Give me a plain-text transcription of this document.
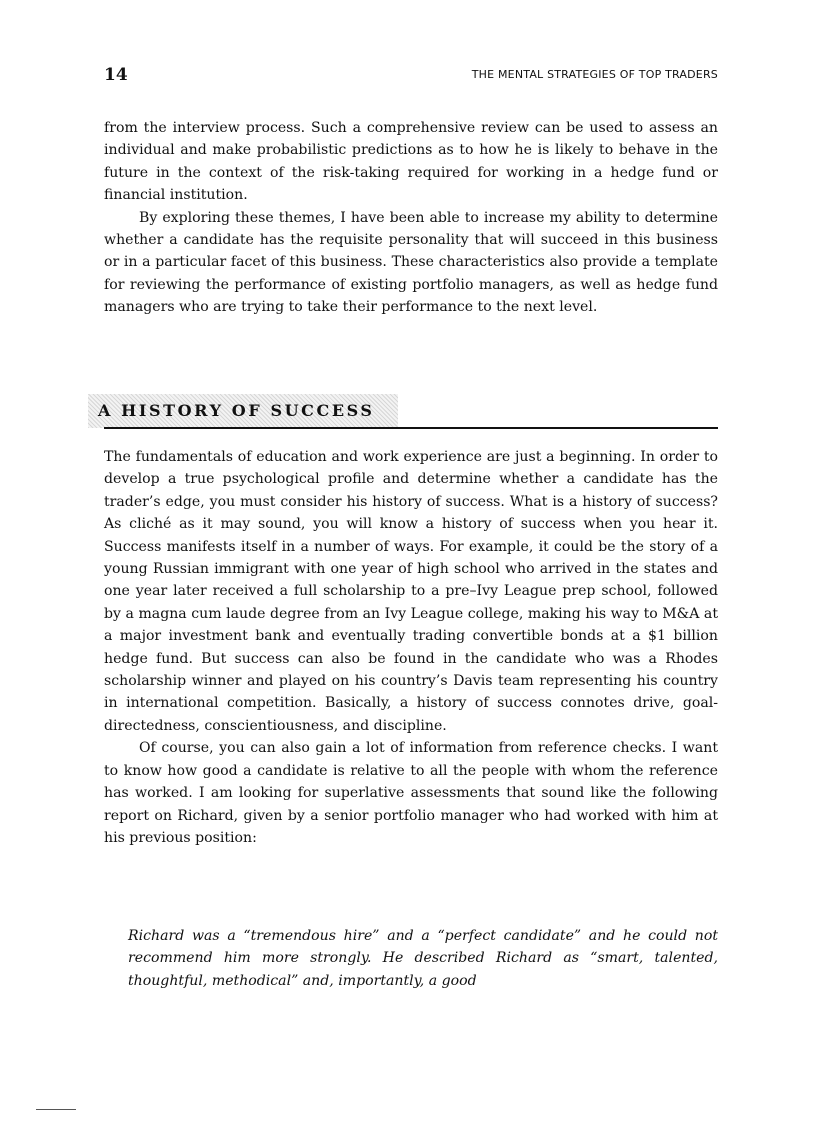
14	THE MENTAL STRATEGIES OF TOP TRADERS

from the interview process. Such a comprehensive review can be used to assess an individual and make probabilistic predictions as to how he is likely to behave in the future in the context of the risk-taking required for working in a hedge fund or financial institution.

By exploring these themes, I have been able to increase my ability to determine whether a candidate has the requisite personality that will succeed in this business or in a particular facet of this business. These characteristics also provide a template for reviewing the performance of existing portfolio managers, as well as hedge fund managers who are trying to take their performance to the next level.

A HISTORY OF SUCCESS

The fundamentals of education and work experience are just a beginning. In order to develop a true psychological profile and determine whether a candidate has the trader’s edge, you must consider his history of success. What is a history of success? As cliché as it may sound, you will know a history of success when you hear it. Success manifests itself in a number of ways. For example, it could be the story of a young Russian immigrant with one year of high school who arrived in the states and one year later received a full scholarship to a pre–Ivy League prep school, followed by a magna cum laude degree from an Ivy League college, making his way to M&A at a major investment bank and eventually trading convertible bonds at a $1 billion hedge fund. But success can also be found in the candidate who was a Rhodes scholarship winner and played on his country’s Davis team representing his country in international competition. Basically, a history of success connotes drive, goal-directedness, conscientiousness, and discipline.

Of course, you can also gain a lot of information from reference checks. I want to know how good a candidate is relative to all the people with whom the reference has worked. I am looking for superlative assessments that sound like the following report on Richard, given by a senior portfolio manager who had worked with him at his previous position:

Richard was a “tremendous hire” and a “perfect candidate” and he could not recommend him more strongly. He described Richard as “smart, talented, thoughtful, methodical” and, importantly, a good
